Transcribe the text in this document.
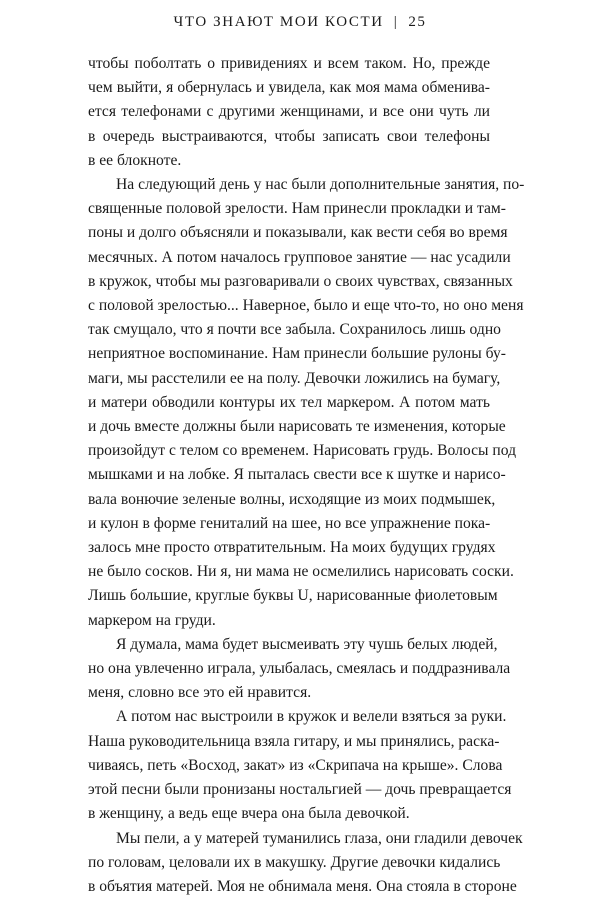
ЧТО ЗНАЮТ МОИ КОСТИ | 25
чтобы поболтать о привидениях и всем таком. Но, прежде
чем выйти, я обернулась и увидела, как моя мама обменива-
ется телефонами с другими женщинами, и все они чуть ли
в очередь выстраиваются, чтобы записать свои телефоны
в ее блокноте.
На следующий день у нас были дополнительные занятия, по-
священные половой зрелости. Нам принесли прокладки и там-
поны и долго объясняли и показывали, как вести себя во время
месячных. А потом началось групповое занятие — нас усадили
в кружок, чтобы мы разговаривали о своих чувствах, связанных
с половой зрелостью... Наверное, было и еще что-то, но оно меня
так смущало, что я почти все забыла. Сохранилось лишь одно
неприятное воспоминание. Нам принесли большие рулоны бу-
маги, мы расстелили ее на полу. Девочки ложились на бумагу,
и матери обводили контуры их тел маркером. А потом мать
и дочь вместе должны были нарисовать те изменения, которые
произойдут с телом со временем. Нарисовать грудь. Волосы под
мышками и на лобке. Я пыталась свести все к шутке и нарисо-
вала вонючие зеленые волны, исходящие из моих подмышек,
и кулон в форме гениталий на шее, но все упражнение пока-
залось мне просто отвратительным. На моих будущих грудях
не было сосков. Ни я, ни мама не осмелились нарисовать соски.
Лишь большие, круглые буквы U, нарисованные фиолетовым
маркером на груди.
Я думала, мама будет высмеивать эту чушь белых людей,
но она увлеченно играла, улыбалась, смеялась и поддразнивала
меня, словно все это ей нравится.
А потом нас выстроили в кружок и велели взяться за руки.
Наша руководительница взяла гитару, и мы принялись, раска-
чиваясь, петь «Восход, закат» из «Скрипача на крыше». Слова
этой песни были пронизаны ностальгией — дочь превращается
в женщину, а ведь еще вчера она была девочкой.
Мы пели, а у матерей туманились глаза, они гладили девочек
по головам, целовали их в макушку. Другие девочки кидались
в объятия матерей. Моя не обнимала меня. Она стояла в стороне
